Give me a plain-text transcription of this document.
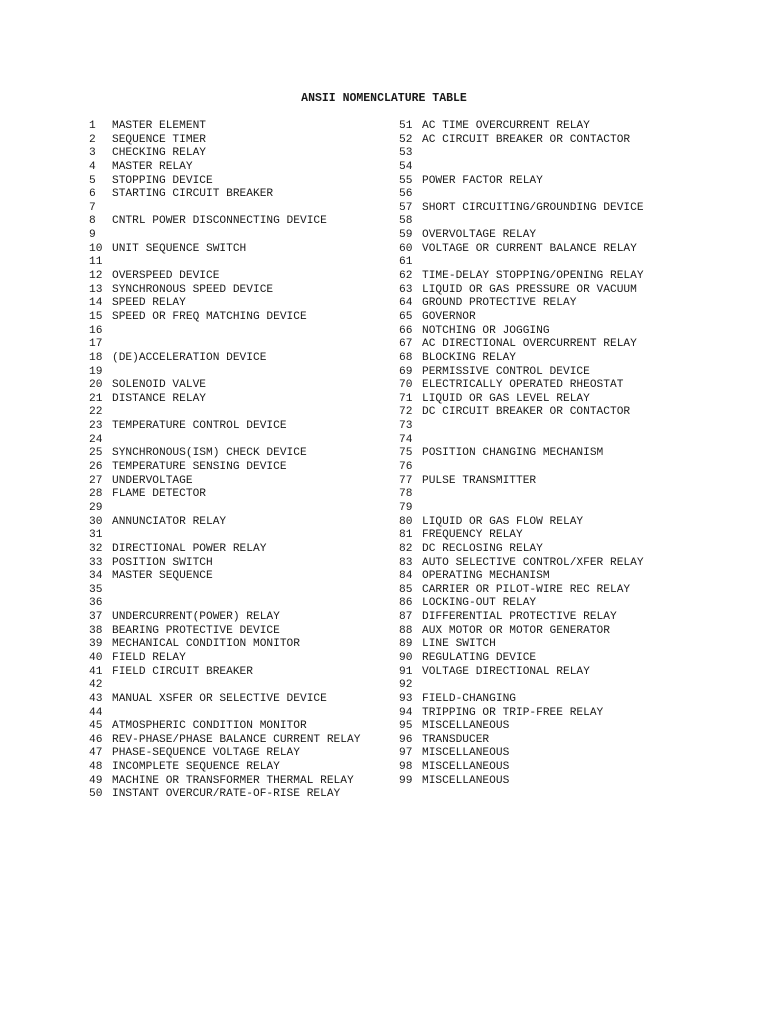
ANSII NOMENCLATURE TABLE
1 MASTER ELEMENT
2 SEQUENCE TIMER
3 CHECKING RELAY
4 MASTER RELAY
5 STOPPING DEVICE
6 STARTING CIRCUIT BREAKER
7
8 CNTRL POWER DISCONNECTING DEVICE
9
10 UNIT SEQUENCE SWITCH
11
12 OVERSPEED DEVICE
13 SYNCHRONOUS SPEED DEVICE
14 SPEED RELAY
15 SPEED OR FREQ MATCHING DEVICE
16
17
18 (DE)ACCELERATION DEVICE
19
20 SOLENOID VALVE
21 DISTANCE RELAY
22
23 TEMPERATURE CONTROL DEVICE
24
25 SYNCHRONOUS(ISM) CHECK DEVICE
26 TEMPERATURE SENSING DEVICE
27 UNDERVOLTAGE
28 FLAME DETECTOR
29
30 ANNUNCIATOR RELAY
31
32 DIRECTIONAL POWER RELAY
33 POSITION SWITCH
34 MASTER SEQUENCE
35
36
37 UNDERCURRENT(POWER) RELAY
38 BEARING PROTECTIVE DEVICE
39 MECHANICAL CONDITION MONITOR
40 FIELD RELAY
41 FIELD CIRCUIT BREAKER
42
43 MANUAL XSFER OR SELECTIVE DEVICE
44
45 ATMOSPHERIC CONDITION MONITOR
46 REV-PHASE/PHASE BALANCE CURRENT RELAY
47 PHASE-SEQUENCE VOLTAGE RELAY
48 INCOMPLETE SEQUENCE RELAY
49 MACHINE OR TRANSFORMER THERMAL RELAY
50 INSTANT OVERCUR/RATE-OF-RISE RELAY
51 AC TIME OVERCURRENT RELAY
52 AC CIRCUIT BREAKER OR CONTACTOR
53
54
55 POWER FACTOR RELAY
56
57 SHORT CIRCUITING/GROUNDING DEVICE
58
59 OVERVOLTAGE RELAY
60 VOLTAGE OR CURRENT BALANCE RELAY
61
62 TIME-DELAY STOPPING/OPENING RELAY
63 LIQUID OR GAS PRESSURE OR VACUUM
64 GROUND PROTECTIVE RELAY
65 GOVERNOR
66 NOTCHING OR JOGGING
67 AC DIRECTIONAL OVERCURRENT RELAY
68 BLOCKING RELAY
69 PERMISSIVE CONTROL DEVICE
70 ELECTRICALLY OPERATED RHEOSTAT
71 LIQUID OR GAS LEVEL RELAY
72 DC CIRCUIT BREAKER OR CONTACTOR
73
74
75 POSITION CHANGING MECHANISM
76
77 PULSE TRANSMITTER
78
79
80 LIQUID OR GAS FLOW RELAY
81 FREQUENCY RELAY
82 DC RECLOSING RELAY
83 AUTO SELECTIVE CONTROL/XFER RELAY
84 OPERATING MECHANISM
85 CARRIER OR PILOT-WIRE REC RELAY
86 LOCKING-OUT RELAY
87 DIFFERENTIAL PROTECTIVE RELAY
88 AUX MOTOR OR MOTOR GENERATOR
89 LINE SWITCH
90 REGULATING DEVICE
91 VOLTAGE DIRECTIONAL RELAY
92
93 FIELD-CHANGING
94 TRIPPING OR TRIP-FREE RELAY
95 MISCELLANEOUS
96 TRANSDUCER
97 MISCELLANEOUS
98 MISCELLANEOUS
99 MISCELLANEOUS
